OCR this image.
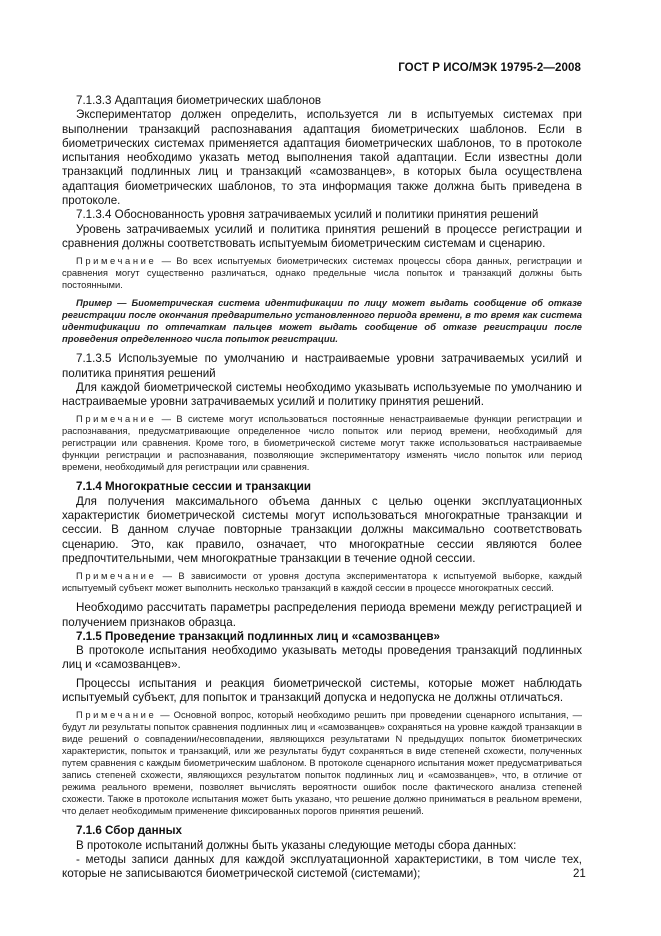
ГОСТ Р ИСО/МЭК 19795-2—2008

7.1.3.3 Адаптация биометрических шаблонов

Экспериментатор должен определить, используется ли в испытуемых системах при выполнении транзакций распознавания адаптация биометрических шаблонов. Если в биометрических системах применяется адаптация биометрических шаблонов, то в протоколе испытания необходимо указать метод выполнения такой адаптации. Если известны доли транзакций подлинных лиц и транзакций «самозванцев», в которых была осуществлена адаптация биометрических шаблонов, то эта информация также должна быть приведена в протоколе.

7.1.3.4 Обоснованность уровня затрачиваемых усилий и политики принятия решений

Уровень затрачиваемых усилий и политика принятия решений в процессе регистрации и сравнения должны соответствовать испытуемым биометрическим системам и сценарию.

Примечание — Во всех испытуемых биометрических системах процессы сбора данных, регистрации и сравнения могут существенно различаться, однако предельные числа попыток и транзакций должны быть постоянными.

Пример — Биометрическая система идентификации по лицу может выдать сообщение об отказе регистрации после окончания предварительно установленного периода времени, в то время как система идентификации по отпечаткам пальцев может выдать сообщение об отказе регистрации после проведения определенного числа попыток регистрации.

7.1.3.5 Используемые по умолчанию и настраиваемые уровни затрачиваемых усилий и политика принятия решений

Для каждой биометрической системы необходимо указывать используемые по умолчанию и настраиваемые уровни затрачиваемых усилий и политику принятия решений.

Примечание — В системе могут использоваться постоянные ненастраиваемые функции регистрации и распознавания, предусматривающие определенное число попыток или период времени, необходимый для регистрации или сравнения. Кроме того, в биометрической системе могут также использоваться настраиваемые функции регистрации и распознавания, позволяющие экспериментатору изменять число попыток или период времени, необходимый для регистрации или сравнения.

7.1.4 Многократные сессии и транзакции

Для получения максимального объема данных с целью оценки эксплуатационных характеристик биометрической системы могут использоваться многократные транзакции и сессии. В данном случае повторные транзакции должны максимально соответствовать сценарию. Это, как правило, означает, что многократные сессии являются более предпочтительными, чем многократные транзакции в течение одной сессии.

Примечание — В зависимости от уровня доступа экспериментатора к испытуемой выборке, каждый испытуемый субъект может выполнить несколько транзакций в каждой сессии в процессе многократных сессий.

Необходимо рассчитать параметры распределения периода времени между регистрацией и получением признаков образца.

7.1.5 Проведение транзакций подлинных лиц и «самозванцев»

В протоколе испытания необходимо указывать методы проведения транзакций подлинных лиц и «самозванцев».

Процессы испытания и реакция биометрической системы, которые может наблюдать испытуемый субъект, для попыток и транзакций допуска и недопуска не должны отличаться.

Примечание — Основной вопрос, который необходимо решить при проведении сценарного испытания, — будут ли результаты попыток сравнения подлинных лиц и «самозванцев» сохраняться на уровне каждой транзакции в виде решений о совпадении/несовпадении, являющихся результатами N предыдущих попыток биометрических характеристик, попыток и транзакций, или же результаты будут сохраняться в виде степеней схожести, полученных путем сравнения с каждым биометрическим шаблоном. В протоколе сценарного испытания может предусматриваться запись степеней схожести, являющихся результатом попыток подлинных лиц и «самозванцев», что, в отличие от режима реального времени, позволяет вычислять вероятности ошибок после фактического анализа степеней схожести. Также в протоколе испытания может быть указано, что решение должно приниматься в реальном времени, что делает необходимым применение фиксированных порогов принятия решений.

7.1.6 Сбор данных

В протоколе испытаний должны быть указаны следующие методы сбора данных:

- методы записи данных для каждой эксплуатационной характеристики, в том числе тех, которые не записываются биометрической системой (системами);	21
